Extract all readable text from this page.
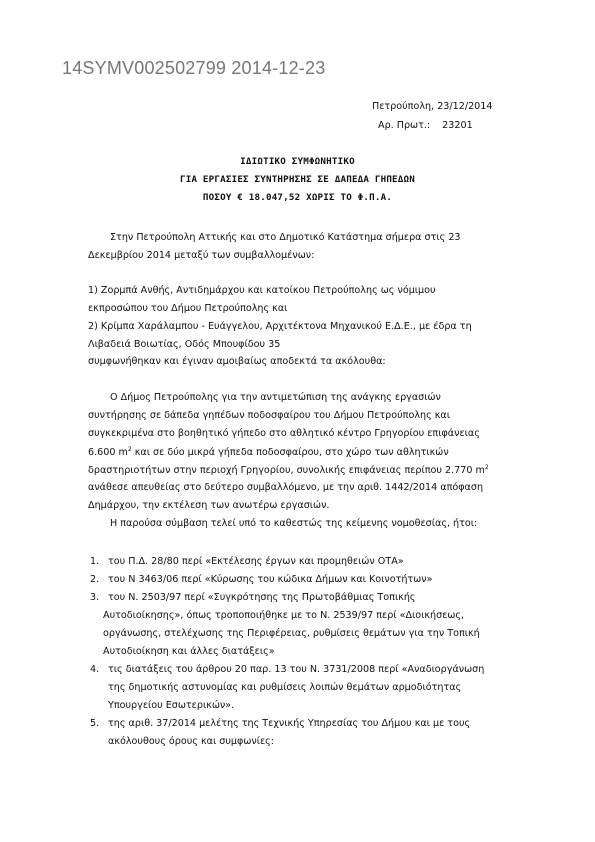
14SYMV002502799 2014-12-23
Πετρούπολη, 23/12/2014
Αρ. Πρωτ.: 23201
ΙΔΙΩΤΙΚΟ ΣΥΜΦΩΝΗΤΙΚΟ
ΓΙΑ ΕΡΓΑΣΙΕΣ ΣΥΝΤΗΡΗΣΗΣ ΣΕ ΔΑΠΕΔΑ ΓΗΠΕΔΩΝ
ΠΟΣΟΥ € 18.047,52 ΧΩΡΙΣ ΤΟ Φ.Π.Α.
Στην Πετρούπολη Αττικής και στο Δημοτικό Κατάστημα σήμερα στις 23
Δεκεμβρίου 2014 μεταξύ των συμβαλλομένων:
1) Ζορμπά Ανθής, Αντιδημάρχου και κατοίκου Πετρούπολης ως νόμιμου
εκπροσώπου του Δήμου Πετρούπολης και
2) Κρίμπα Χαράλαμπου - Ευάγγελου, Αρχιτέκτονα Μηχανικού Ε.Δ.Ε., με έδρα τη
Λιβαδειά Βοιωτίας, Οδός Μπουφίδου 35
συμφωνήθηκαν και έγιναν αμοιβαίως αποδεκτά τα ακόλουθα:
Ο Δήμος Πετρούπολης για την αντιμετώπιση της ανάγκης εργασιών
συντήρησης σε δάπεδα γηπέδων ποδοσφαίρου του Δήμου Πετρούπολης και
συγκεκριμένα στο βοηθητικό γήπεδο στο αθλητικό κέντρο Γρηγορίου επιφάνειας
6.600 $m^2$ και σε δύο μικρά γήπεδα ποδοσφαίρου, στο χώρο των αθλητικών
δραστηριοτήτων στην περιοχή Γρηγορίου, συνολικής επιφάνειας περίπου 2.770 $m^2$
ανάθεσε απευθείας στο δεύτερο συμβαλλόμενο, με την αριθ. 1442/2014 απόφαση
Δημάρχου, την εκτέλεση των ανωτέρω εργασιών.
Η παρούσα σύμβαση τελεί υπό το καθεστώς της κείμενης νομοθεσίας, ήτοι:
1. του Π.Δ. 28/80 περί «Εκτέλεσης έργων και προμηθειών ΟΤΑ»
2. του Ν 3463/06 περί «Κύρωσης του κώδικα Δήμων και Κοινοτήτων»
3. του Ν. 2503/97 περί «Συγκρότησης της Πρωτοβάθμιας Τοπικής
Αυτοδιοίκησης», όπως τροποποιήθηκε με το Ν. 2539/97 περί «Διοικήσεως,
οργάνωσης, στελέχωσης της Περιφέρειας, ρυθμίσεις θεμάτων για την Τοπική
Αυτοδιοίκηση και άλλες διατάξεις»
4. τις διατάξεις του άρθρου 20 παρ. 13 του Ν. 3731/2008 περί «Αναδιοργάνωση
της δημοτικής αστυνομίας και ρυθμίσεις λοιπών θεμάτων αρμοδιότητας
Υπουργείου Εσωτερικών».
5. της αριθ. 37/2014 μελέτης της Τεχνικής Υπηρεσίας του Δήμου και με τους
ακόλουθους όρους και συμφωνίες:
